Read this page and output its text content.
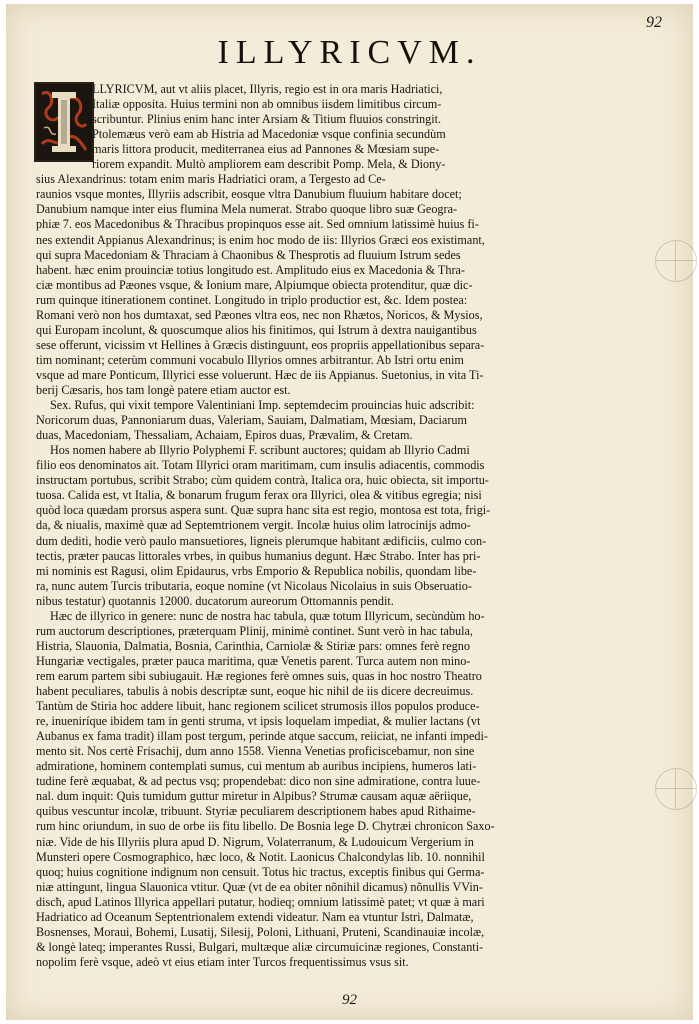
92
ILLYRICVM.
LLYRICVM, aut vt aliis placet, Illyris, regio est in ora maris Hadriatici,
Italiæ opposita. Huius termini non ab omnibus iisdem limitibus circum-
scribuntur. Plinius enim hanc inter Arsiam & Titium fluuios constringit.
Ptolemæus verò eam ab Histria ad Macedoniæ vsque confinia secundùm
maris littora producit, mediterranea eius ad Pannones & Mœsiam supe-
riorem expandit. Multò ampliorem eam describit Pomp. Mela, & Diony-
sius Alexandrinus: totam enim maris Hadriatici oram, a Tergesto ad Ce-
raunios vsque montes, Illyriis adscribit, eosque vltra Danubium fluuium habitare docet;
Danubium namque inter eius flumina Mela numerat. Strabo quoque libro suæ Geogra-
phiæ 7. eos Macedonibus & Thracibus propinquos esse ait. Sed omnium latissimè huius fi-
nes extendit Appianus Alexandrinus; is enim hoc modo de iis: Illyrios Græci eos existimant,
qui supra Macedoniam & Thraciam à Chaonibus & Thesprotis ad fluuium Istrum sedes
habent. hæc enim prouinciæ totius longitudo est. Amplitudo eius ex Macedonia & Thra-
ciæ montibus ad Pæones vsque, & Ionium mare, Alpiumque obiecta protenditur, quæ dic-
rum quinque itinerationem continet. Longitudo in triplo productior est, &c. Idem postea:
Romani verò non hos dumtaxat, sed Pæones vltra eos, nec non Rhætos, Noricos, & Mysios,
qui Europam incolunt, & quoscumque alios his finitimos, qui Istrum à dextra nauigantibus
sese offerunt, vicissim vt Hellines à Græcis distinguunt, eos propriis appellationibus separa-
tim nominant; ceterùm communi vocabulo Illyrios omnes arbitrantur. Ab Istri ortu enim
vsque ad mare Ponticum, Illyrici esse voluerunt. Hæc de iis Appianus. Suetonius, in vita Ti-
berij Cæsaris, hos tam longè patere etiam auctor est.
Sex. Rufus, qui vixit tempore Valentiniani Imp. septemdecim prouincias huic adscribit:
Noricorum duas, Pannoniarum duas, Valeriam, Sauiam, Dalmatiam, Mœsiam, Daciarum
duas, Macedoniam, Thessaliam, Achaiam, Epiros duas, Prævalim, & Cretam.
Hos nomen habere ab Illyrio Polyphemi F. scribunt auctores; quidam ab Illyrio Cadmi
filio eos denominatos ait. Totam Illyrici oram maritimam, cum insulis adiacentis, commodis
instructam portubus, scribit Strabo; cùm quidem contrà, Italica ora, huic obiecta, sit importu-
tuosa. Calida est, vt Italia, & bonarum frugum ferax ora Illyrici, olea & vitibus egregia; nisi
quòd loca quædam prorsus aspera sunt. Quæ supra hanc sita est regio, montosa est tota, frigi-
da, & niualis, maximè quæ ad Septemtrionem vergit. Incolæ huius olim latrocinijs admo-
dum dediti, hodie verò paulo mansuetiores, ligneis plerumque habitant ædificiis, culmo con-
tectis, præter paucas littorales vrbes, in quibus humanius degunt. Hæc Strabo. Inter has pri-
mi nominis est Ragusi, olim Epidaurus, vrbs Emporio & Republica nobilis, quondam libe-
ra, nunc autem Turcis tributaria, eoque nomine (vt Nicolaus Nicolaius in suis Obseruatio-
nibus testatur) quotannis 12000. ducatorum aureorum Ottomannis pendit.
Hæc de illyrico in genere: nunc de nostra hac tabula, quæ totum Illyricum, secùndùm ho-
rum auctorum descriptiones, præterquam Plinij, minimè continet. Sunt verò in hac tabula,
Histria, Slauonia, Dalmatia, Bosnia, Carinthia, Carniolæ & Stiriæ pars: omnes ferè regno
Hungariæ vectigales, præter pauca maritima, quæ Venetis parent. Turca autem non mino-
rem earum partem sibi subiugauit. Hæ regiones ferè omnes suis, quas in hoc nostro Theatro
habent peculiares, tabulis à nobis descriptæ sunt, eoque hic nihil de iis dicere decreuimus.
Tantùm de Stiria hoc addere libuit, hanc regionem scilicet strumosis illos populos produce-
re, inueniríque ibidem tam in genti struma, vt ipsis loquelam impediat, & mulier lactans (vt
Aubanus ex fama tradit) illam post tergum, perinde atque saccum, reiiciat, ne infanti impedi-
mento sit. Nos certè Frisachij, dum anno 1558. Vienna Venetias proficiscebamur, non sine
admiratione, hominem contemplati sumus, cui mentum ab auribus incipiens, humeros lati-
tudine ferè æquabat, & ad pectus vsq; propendebat: dico non sine admiratione, contra luue-
nal. dum inquit: Quis tumidum guttur miretur in Alpibus? Strumæ causam aquæ aëriique,
quibus vescuntur incolæ, tribuunt. Styriæ peculiarem descriptionem habes apud Rithaime-
rum hinc oriundum, in suo de orbe iis fitu libello. De Bosnia lege D. Chytræi chronicon Saxo-
niæ. Vide de his Illyriis plura apud D. Nigrum, Volaterranum, & Ludouicum Vergerium in
Munsteri opere Cosmographico, hæc loco, & Notit. Laonicus Chalcondylas lib. 10. nonnihil
quoq; huius cognitione indignum non censuit. Totus hic tractus, exceptis finibus qui Germa-
niæ attingunt, lingua Slauonica vtitur. Quæ (vt de ea obiter nõnihil dicamus) nõnullis VVin-
discħ, apud Latinos Illyrica appellari putatur, hodieq; omnium latissimè patet; vt quæ à mari
Hadriatico ad Oceanum Septentrionalem extendi videatur. Nam ea vtuntur Istri, Dalmatæ,
Bosnenses, Moraui, Bohemi, Lusatij, Silesij, Poloni, Lithuani, Pruteni, Scandinauiæ incolæ,
& longè lateq; imperantes Russi, Bulgari, multæque aliæ circumuicinæ regiones, Constanti-
nopolim ferè vsque, adeò vt eius etiam inter Turcos frequentissimus vsus sit.
92
